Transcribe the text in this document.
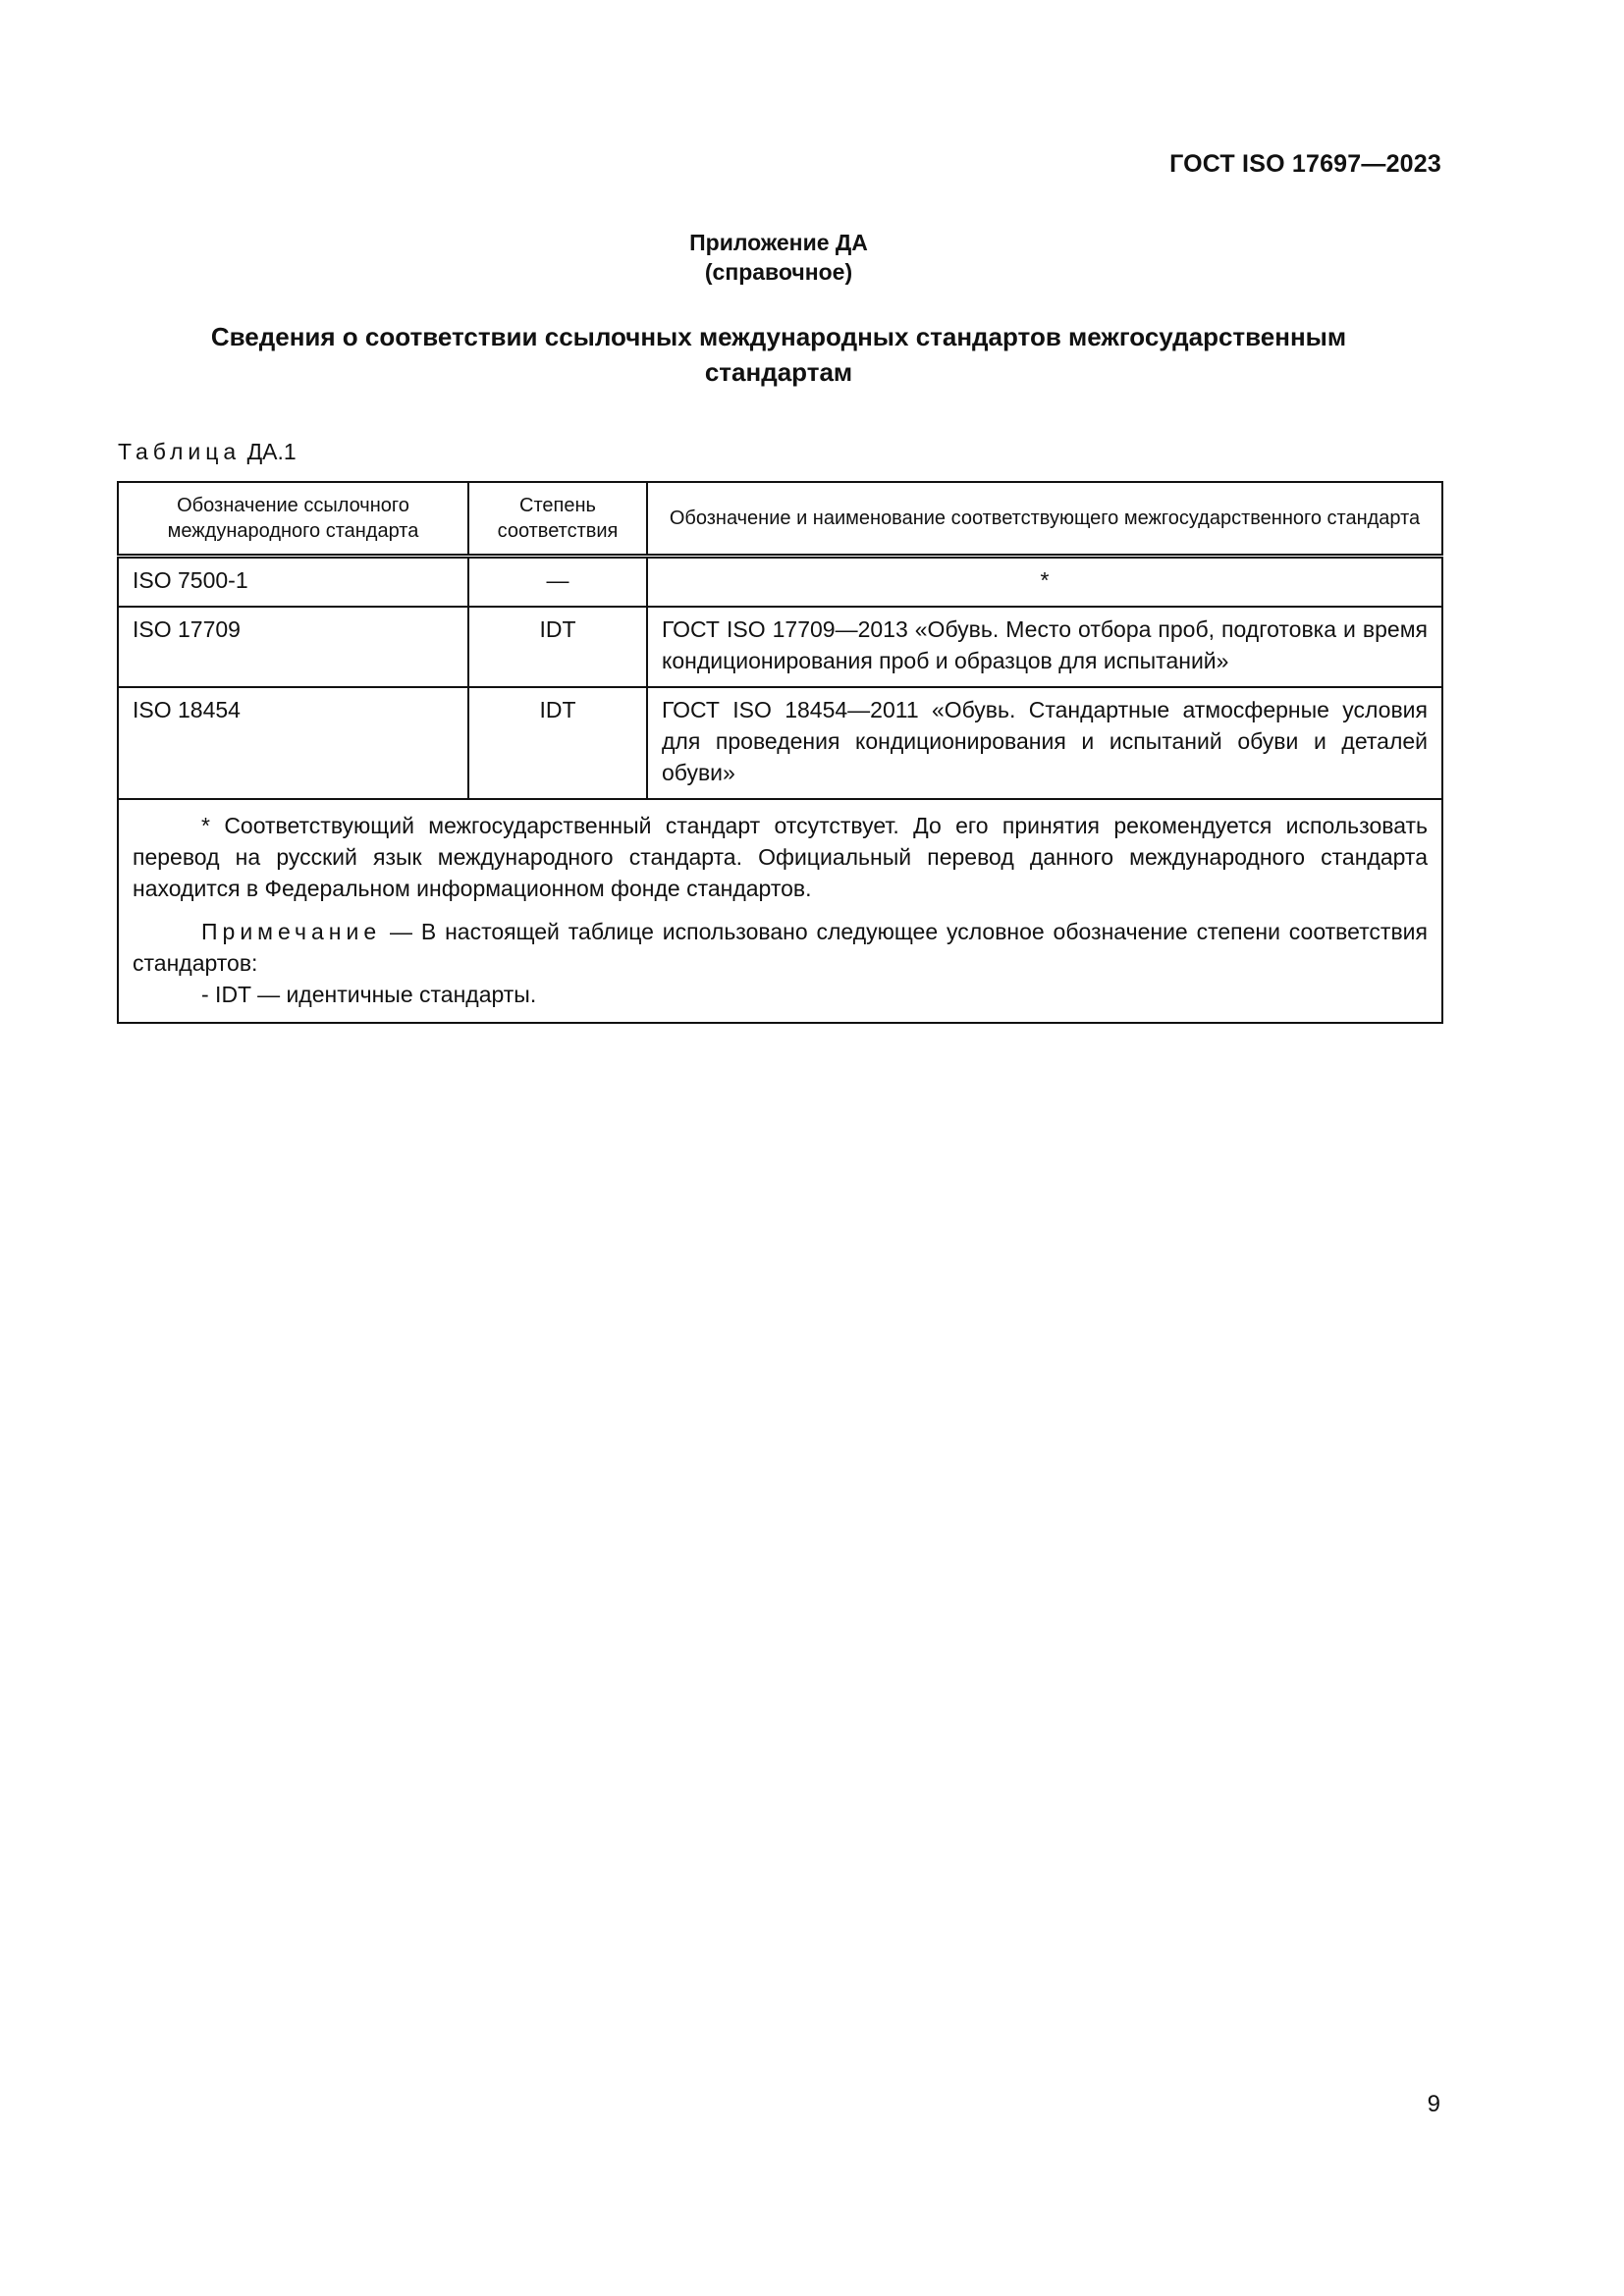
ГОСТ ISO 17697—2023
Приложение ДА
(справочное)
Сведения о соответствии ссылочных международных стандартов межгосударственным
стандартам
Таблица ДА.1
Обозначение ссылочного международного стандарта	Степень соответствия	Обозначение и наименование соответствующего межгосударственного стандарта
ISO 7500-1	—	*
ISO 17709	IDT	ГОСТ ISO 17709—2013 «Обувь. Место отбора проб, подготовка и время кондиционирования проб и образцов для испытаний»
ISO 18454	IDT	ГОСТ ISO 18454—2011 «Обувь. Стандартные атмосферные условия для проведения кондиционирования и испытаний обуви и деталей обуви»

* Соответствующий межгосударственный стандарт отсутствует. До его принятия рекомендуется использовать перевод на русский язык международного стандарта. Официальный перевод данного международного стандарта находится в Федеральном информационном фонде стандартов.

Примечание — В настоящей таблице использовано следующее условное обозначение степени соответствия стандартов:

- IDT — идентичные стандарты.		

9
